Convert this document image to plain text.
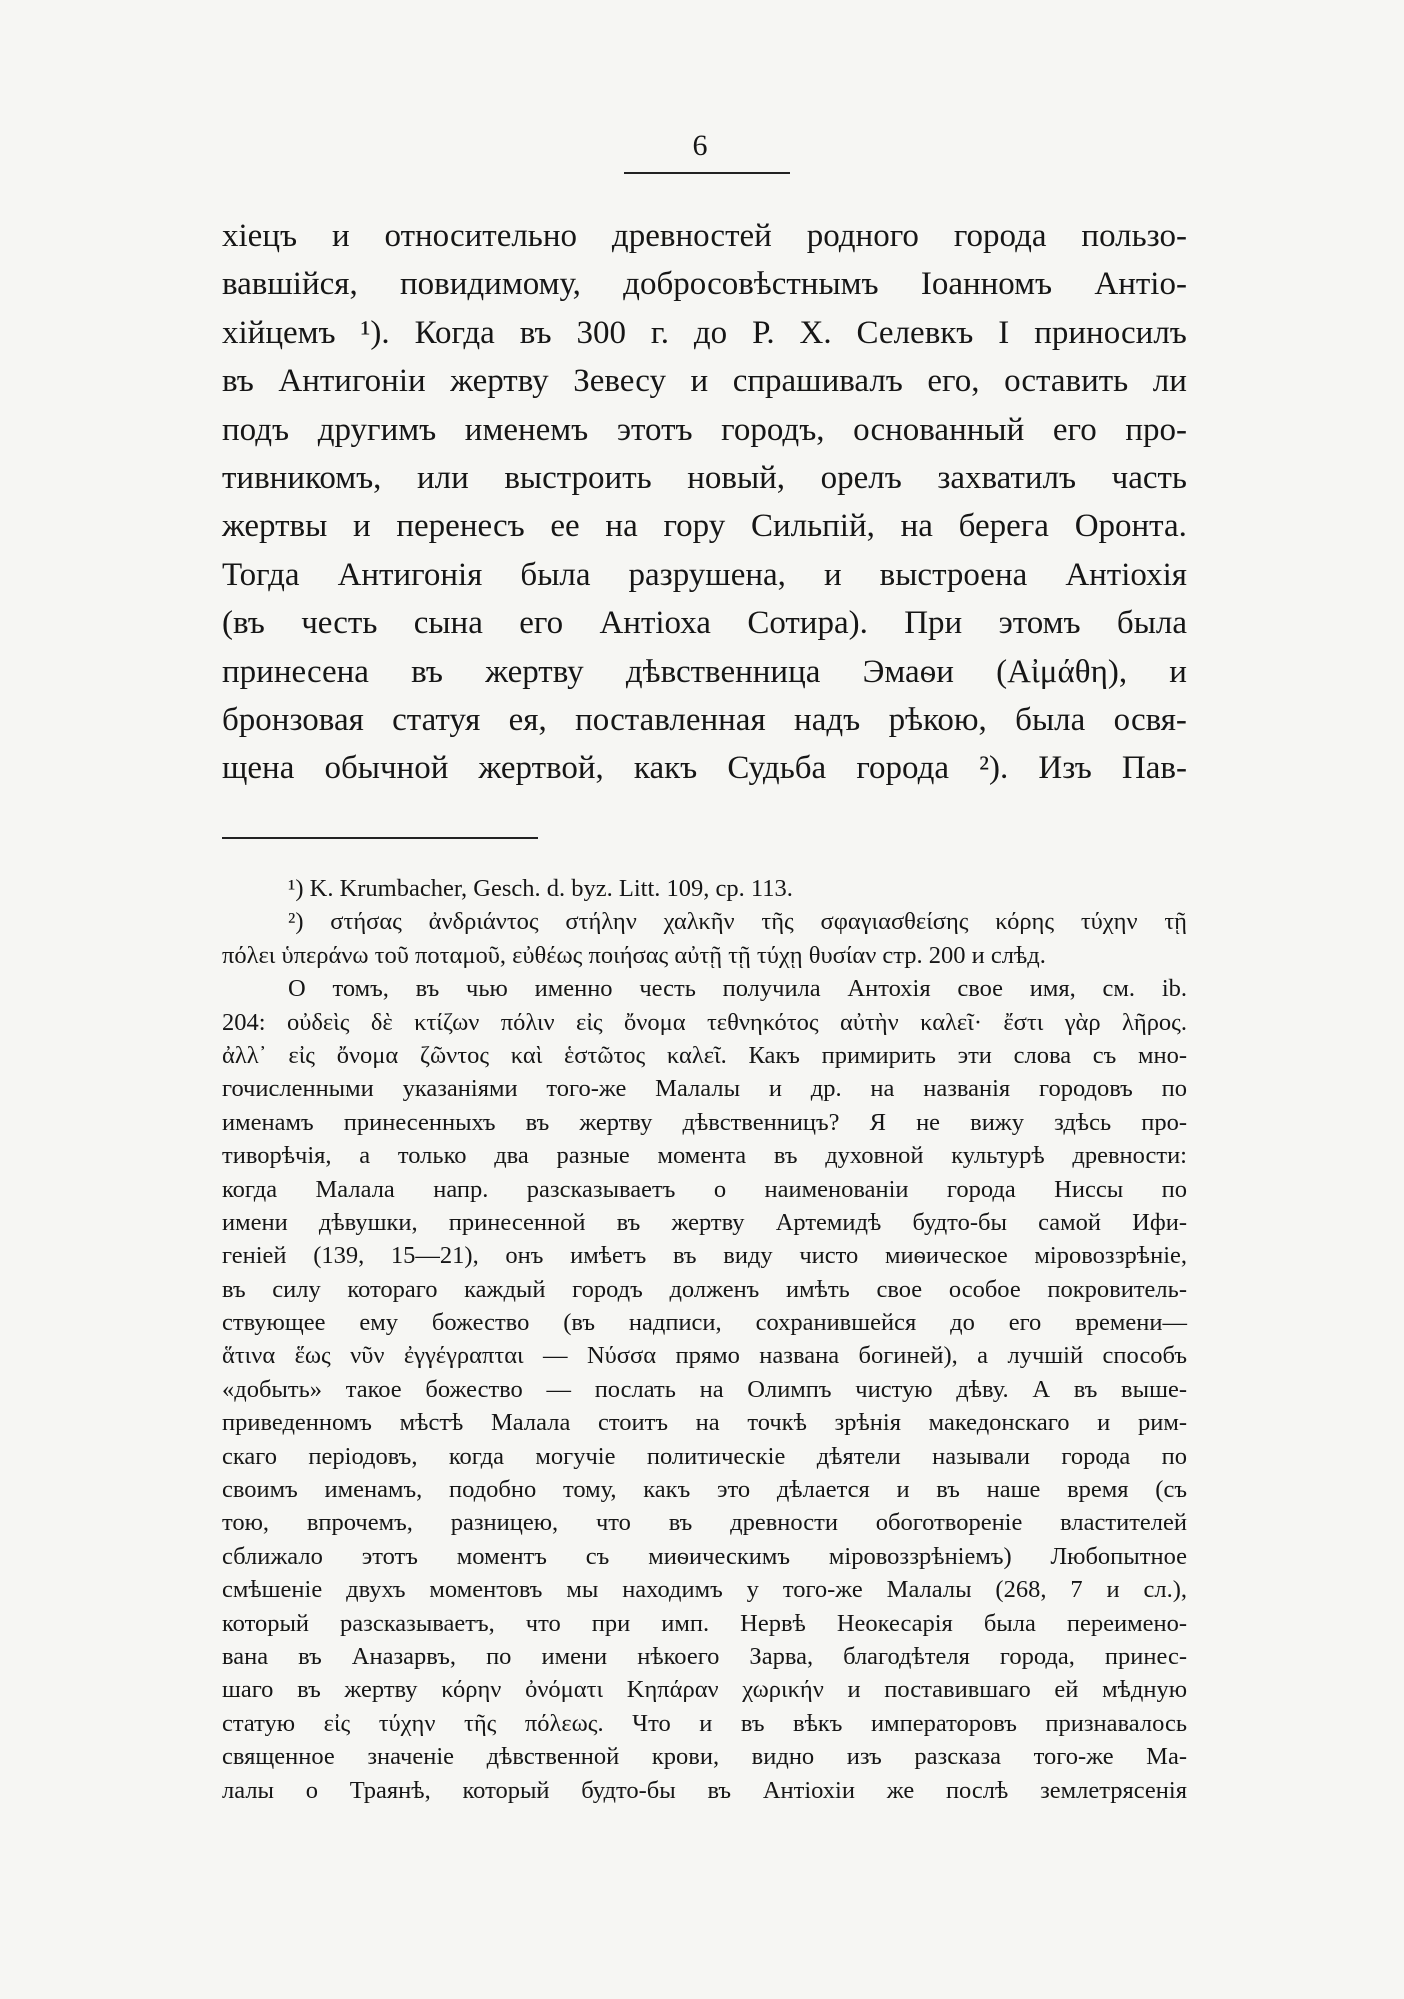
6
хiецъ и относительно древностей родного города пользо-
вавшiйся, повидимому, добросовѣстнымъ Iоанномъ Антiо-
хiйцемъ ¹). Когда въ 300 г. до Р. Х. Селевкъ I приносилъ
въ Антигонiи жертву Зевесу и спрашивалъ его, оставить ли
подъ другимъ именемъ этотъ городъ, основанный его про-
тивникомъ, или выстроить новый, орелъ захватилъ часть
жертвы и перенесъ ее на гору Сильпiй, на берега Оронта.
Тогда Антигонiя была разрушена, и выстроена Антiохiя
(въ честь сына его Антiоха Сотира). При этомъ была
принесена въ жертву дѣвственница Эмаѳи (Αἰμάθη), и
бронзовая статуя ея, поставленная надъ рѣкою, была освя-
щена обычной жертвой, какъ Судьба города ²). Изъ Пав-
¹) K. Krumbacher, Gesch. d. byz. Litt. 109, ср. 113.
²) στήσας ἀνδριάντος στήλην χαλκῆν τῆς σφαγιασθείσης κόρης τύχην τῇ
πόλει ὑπεράνω τοῦ ποταμοῦ, εὐθέως ποιήσας αὐτῇ τῇ τύχῃ θυσίαν стр. 200 и слѣд.
О томъ, въ чью именно честь получила Антохiя свое имя, см. ib.
204: οὐδεὶς δὲ κτίζων πόλιν εἰς ὄνομα τεθνηκότος αὐτὴν καλεῖ· ἔστι γὰρ λῆρος.
ἀλλ᾽ εἰς ὄνομα ζῶντος καὶ ἑστῶτος καλεῖ. Какъ примирить эти слова съ мно-
гочисленными указанiями того-же Малалы и др. на названiя городовъ по
именамъ принесенныхъ въ жертву дѣвственницъ? Я не вижу здѣсь про-
тиворѣчiя, а только два разные момента въ духовной культурѣ древности:
когда Малала напр. разсказываетъ о наименованiи города Ниссы по
имени дѣвушки, принесенной въ жертву Артемидѣ будто-бы самой Ифи-
генiей (139, 15—21), онъ имѣетъ въ виду чисто миѳическое мiровоззрѣнiе,
въ силу котораго каждый городъ долженъ имѣть свое особое покровитель-
ствующее ему божество (въ надписи, сохранившейся до его времени—
ἅτινα ἕως νῦν ἐγγέγραπται — Νύσσα прямо названа богиней), а лучшiй способъ
«добыть» такое божество — послать на Олимпъ чистую дѣву. А въ выше-
приведенномъ мѣстѣ Малала стоитъ на точкѣ зрѣнiя македонскаго и рим-
скаго перiодовъ, когда могучiе политическiе дѣятели называли города по
своимъ именамъ, подобно тому, какъ это дѣлается и въ наше время (съ
тою, впрочемъ, разницею, что въ древности обоготворенiе властителей
сближало этотъ моментъ съ миѳическимъ мiровоззрѣнiемъ) Любопытное
смѣшенiе двухъ моментовъ мы находимъ у того-же Малалы (268, 7 и сл.),
который разсказываетъ, что при имп. Нервѣ Неокесарiя была переимено-
вана въ Аназарвъ, по имени нѣкоего Зарва, благодѣтеля города, принес-
шаго въ жертву κόρην ὀνόματι Κηπάραν χωρικήν и поставившаго ей мѣдную
статую εἰς τύχην τῆς πόλεως. Что и въ вѣкъ императоровъ признавалось
священное значенiе дѣвственной крови, видно изъ разсказа того-же Ма-
лалы о Траянѣ, который будто-бы въ Антiохiи же послѣ землетрясенiя
